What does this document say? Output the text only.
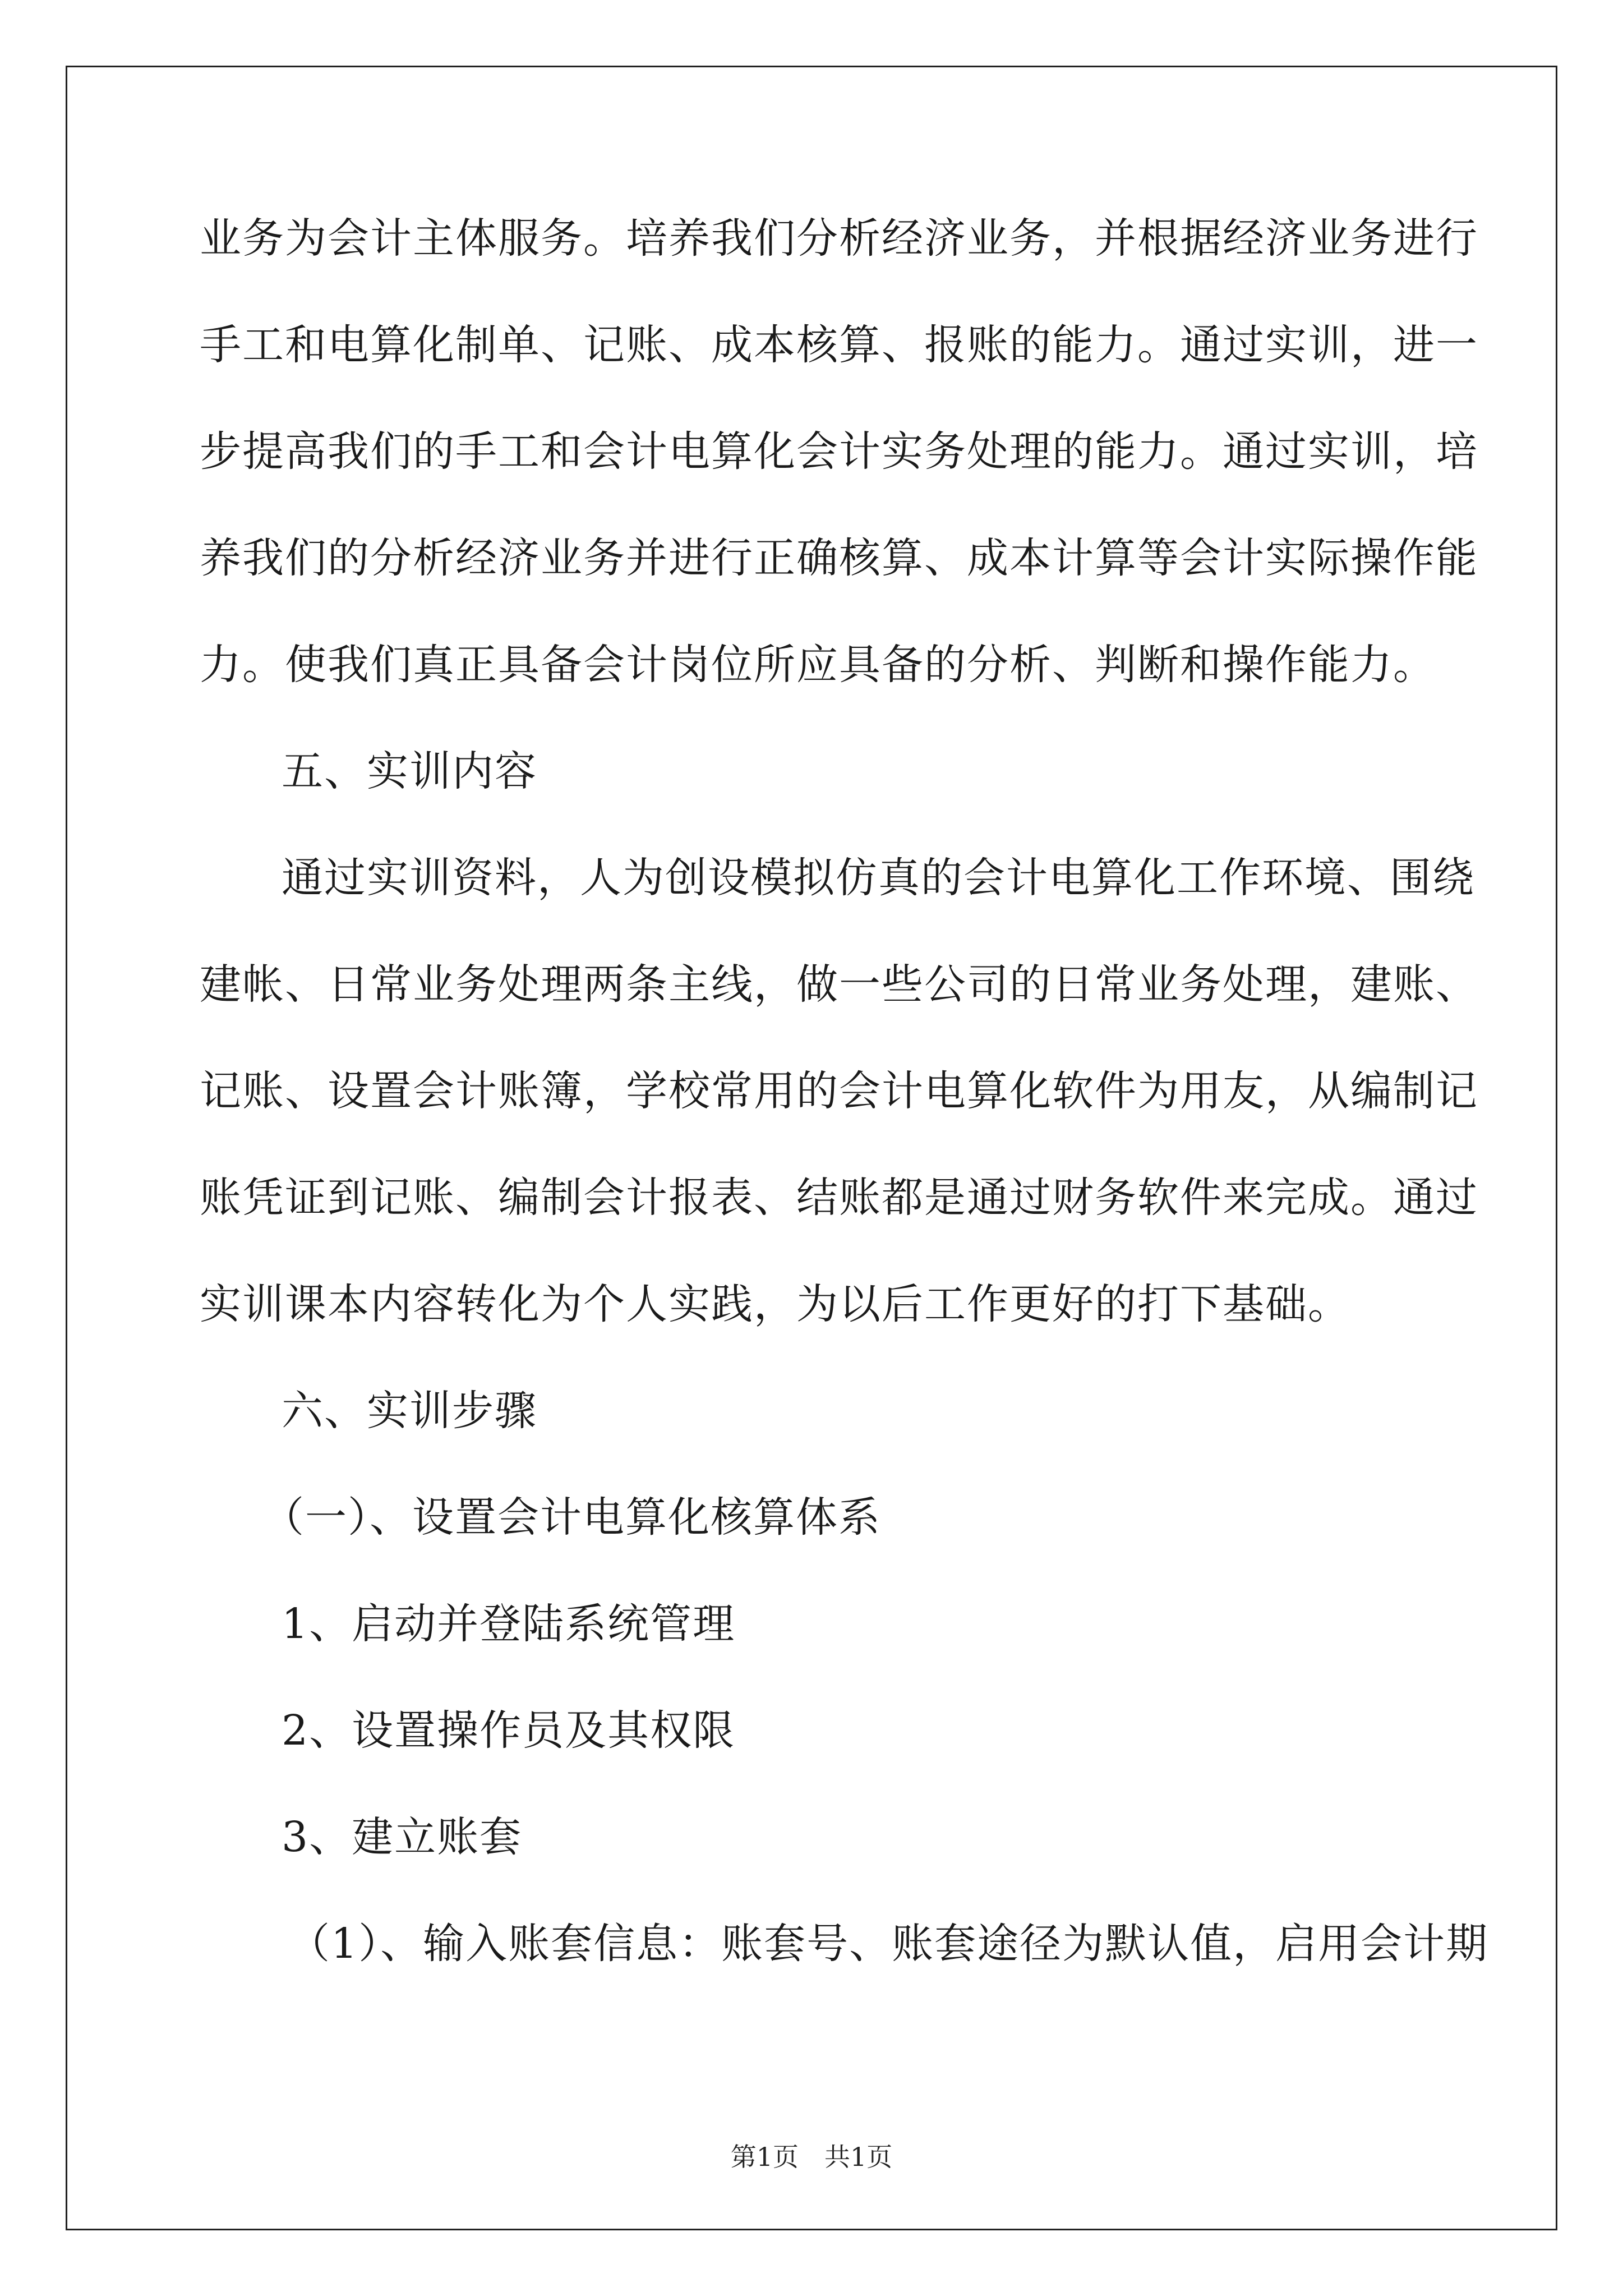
业务为会计主体服务。培养我们分析经济业务，并根据经济业务进行
手工和电算化制单、记账、成本核算、报账的能力。通过实训，进一
步提高我们的手工和会计电算化会计实务处理的能力。通过实训，培
养我们的分析经济业务并进行正确核算、成本计算等会计实际操作能
力。使我们真正具备会计岗位所应具备的分析、判断和操作能力。
五、实训内容
通过实训资料，人为创设模拟仿真的会计电算化工作环境、围绕
建帐、日常业务处理两条主线，做一些公司的日常业务处理，建账、
记账、设置会计账簿，学校常用的会计电算化软件为用友，从编制记
账凭证到记账、编制会计报表、结账都是通过财务软件来完成。通过
实训课本内容转化为个人实践，为以后工作更好的打下基础。
六、实训步骤
（一）、设置会计电算化核算体系
1、启动并登陆系统管理
2、设置操作员及其权限
3、建立账套
（1）、输入账套信息：账套号、账套途径为默认值，启用会计期
第1页　共1页
